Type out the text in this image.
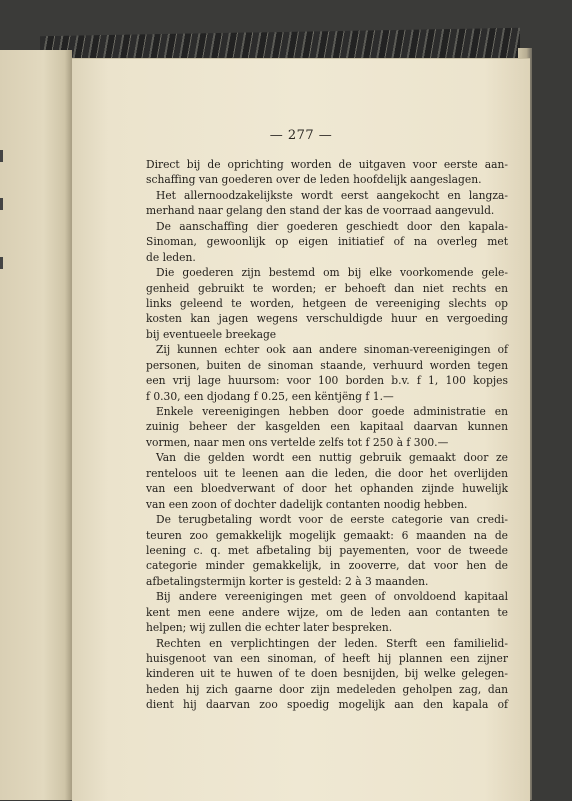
— 277 —
Direct bij de oprichting worden de uitgaven voor eerste aan-
schaffing van goederen over de leden hoofdelijk aangeslagen.
Het allernoodzakelijkste wordt eerst aangekocht en langza-
merhand naar gelang den stand der kas de voorraad aangevuld.
De aanschaffing dier goederen geschiedt door den kapala-
Sinoman, gewoonlijk op eigen initiatief of na overleg met
de leden.
Die goederen zijn bestemd om bij elke voorkomende gele-
genheid gebruikt te worden; er behoeft dan niet rechts en
links geleend te worden, hetgeen de vereeniging slechts op
kosten kan jagen wegens verschuldigde huur en vergoeding
bij eventueele breekage
Zij kunnen echter ook aan andere sinoman-vereenigingen of
personen, buiten de sinoman staande, verhuurd worden tegen
een vrij lage huursom: voor 100 borden b.v. f 1, 100 kopjes
f 0.30, een djodang f 0.25, een këntjëng f 1.—
Enkele vereenigingen hebben door goede administratie en
zuinig beheer der kasgelden een kapitaal daarvan kunnen
vormen, naar men ons vertelde zelfs tot f 250 à f 300.—
Van die gelden wordt een nuttig gebruik gemaakt door ze
renteloos uit te leenen aan die leden, die door het overlijden
van een bloedverwant of door het ophanden zijnde huwelijk
van een zoon of dochter dadelijk contanten noodig hebben.
De terugbetaling wordt voor de eerste categorie van credi-
teuren zoo gemakkelijk mogelijk gemaakt: 6 maanden na de
leening c. q. met afbetaling bij payementen, voor de tweede
categorie minder gemakkelijk, in zooverre, dat voor hen de
afbetalingstermijn korter is gesteld: 2 à 3 maanden.
Bij andere vereenigingen met geen of onvoldoend kapitaal
kent men eene andere wijze, om de leden aan contanten te
helpen; wij zullen die echter later bespreken.
Rechten en verplichtingen der leden. Sterft een familielid-
huisgenoot van een sinoman, of heeft hij plannen een zijner
kinderen uit te huwen of te doen besnijden, bij welke gelegen-
heden hij zich gaarne door zijn medeleden geholpen zag, dan
dient hij daarvan zoo spoedig mogelijk aan den kapala of
